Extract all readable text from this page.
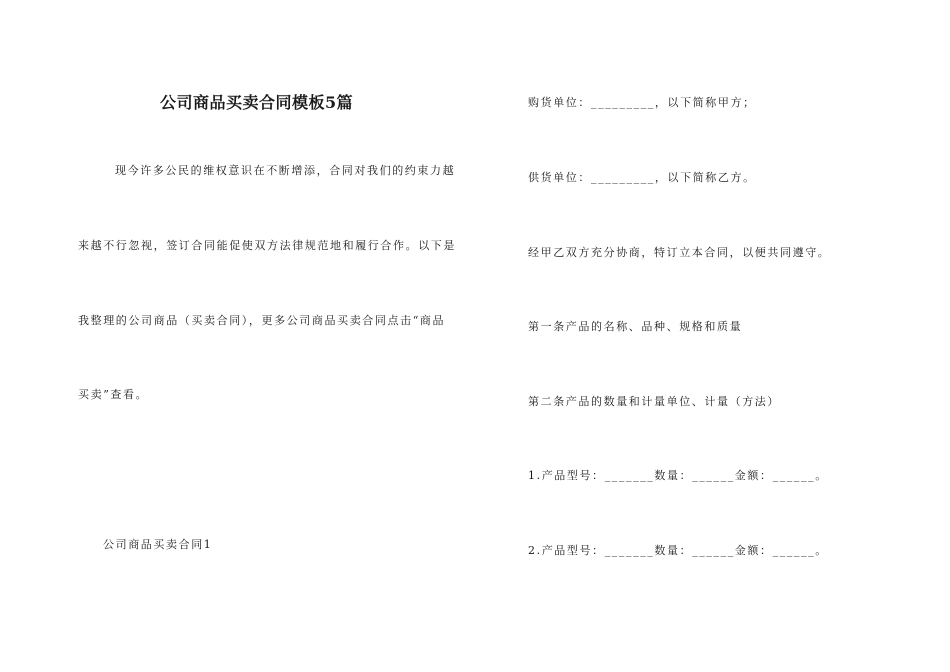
公司商品买卖合同模板5篇
现今许多公民的维权意识在不断增添，合同对我们的约束力越
来越不行忽视，签订合同能促使双方法律规范地和履行合作。以下是
我整理的公司商品（买卖合同），更多公司商品买卖合同点击“商品
买卖”查看。
公司商品买卖合同1
购货单位：_________，以下简称甲方；
供货单位：_________，以下简称乙方。
经甲乙双方充分协商，特订立本合同，以便共同遵守。
第一条产品的名称、品种、规格和质量
第二条产品的数量和计量单位、计量（方法）
1.产品型号：_______数量：______金额：______。
2.产品型号：_______数量：______金额：______。
